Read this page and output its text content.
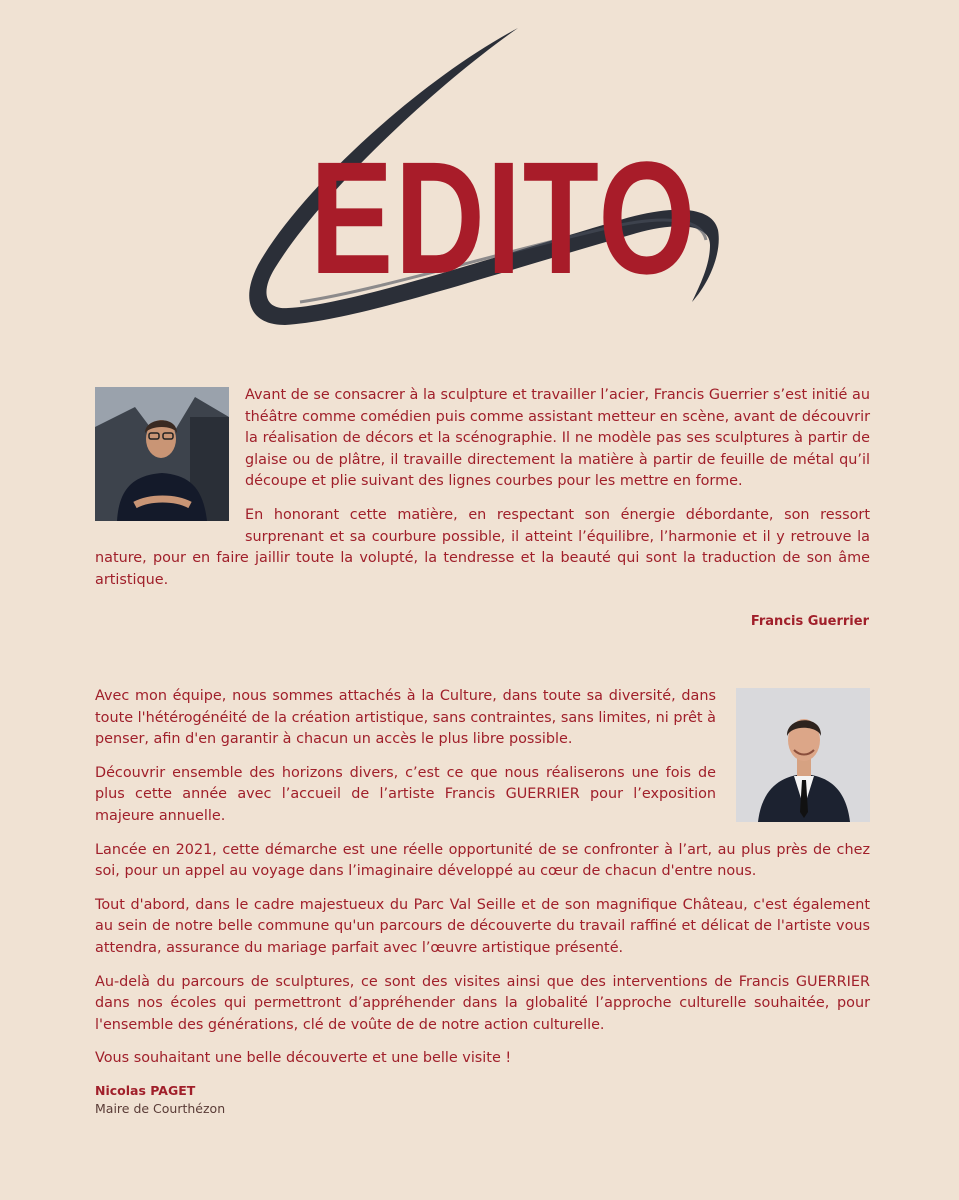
EDITO

Avant de se consacrer à la sculpture et travailler l’acier, Francis Guerrier s’est initié au théâtre comme comédien puis comme assistant metteur en scène, avant de découvrir la réalisation de décors et la scénographie. Il ne modèle pas ses sculptures à partir de glaise ou de plâtre, il travaille directement la matière à partir de feuille de métal qu’il découpe et plie suivant des lignes courbes pour les mettre en forme.

En honorant cette matière, en respectant son énergie débordante, son ressort surprenant et sa courbure possible, il atteint l’équilibre, l’harmonie et il y retrouve la nature, pour en faire jaillir toute la volupté, la tendresse et la beauté qui sont la traduction de son âme artistique.

Francis Guerrier

Avec mon équipe, nous sommes attachés à la Culture, dans toute sa diversité, dans toute l'hétérogénéité de la création artistique, sans contraintes, sans limites, ni prêt à penser, afin d'en garantir à chacun un accès le plus libre possible.

Découvrir ensemble des horizons divers, c’est ce que nous réaliserons une fois de plus cette année avec l’accueil de l’artiste Francis GUERRIER pour l’exposition majeure annuelle.

Lancée en 2021, cette démarche est une réelle opportunité de se confronter à l’art, au plus près de chez soi, pour un appel au voyage dans l’imaginaire développé au cœur de chacun d'entre nous.

Tout d'abord, dans le cadre majestueux du Parc Val Seille et de son magnifique Château, c'est également au sein de notre belle commune qu'un parcours de découverte du travail raffiné et délicat de l'artiste vous attendra, assurance du mariage parfait avec l’œuvre artistique présenté.

Au-delà du parcours de sculptures, ce sont des visites ainsi que des interventions de Francis GUERRIER dans nos écoles qui permettront d’appréhender dans la globalité l’approche culturelle souhaitée, pour l'ensemble des générations, clé de voûte de de notre action culturelle.

Vous souhaitant une belle découverte et une belle visite !

Nicolas PAGET
Maire de Courthézon
